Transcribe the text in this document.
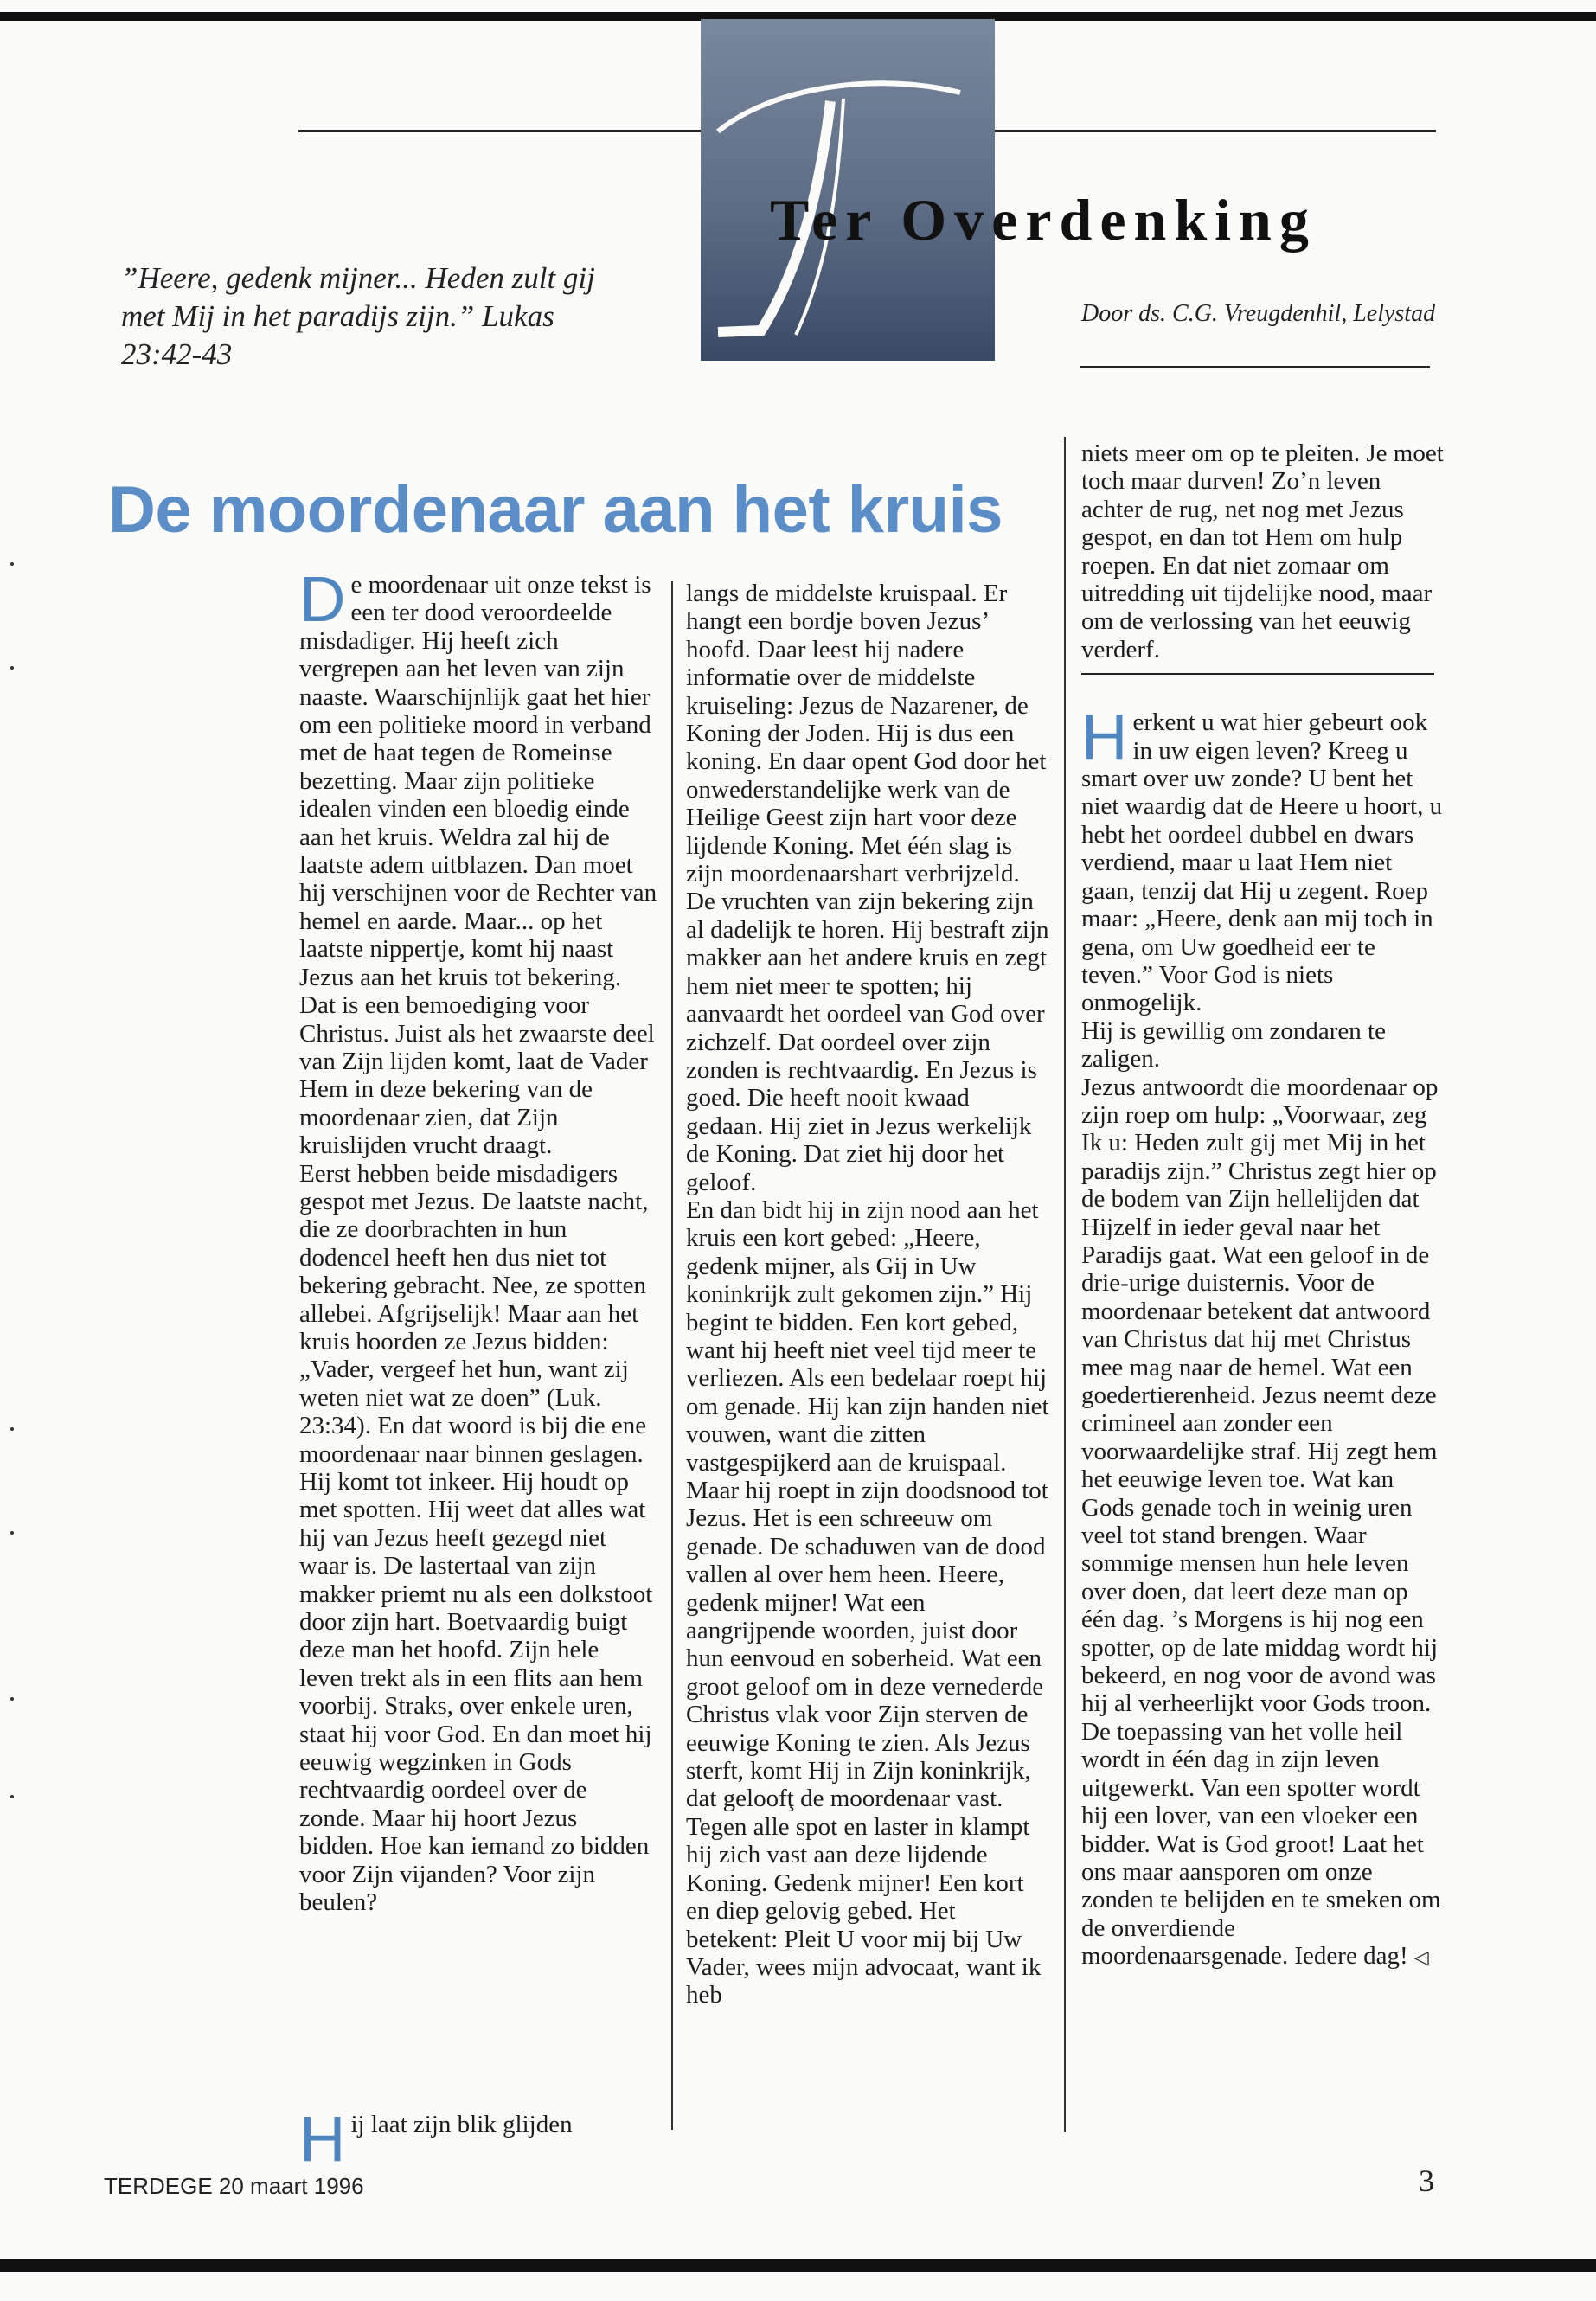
Ter Overdenking
”Heere, gedenk mijner... Heden zult gij met Mij in het paradijs zijn.” Lukas 23:42-43
Door ds. C.G. Vreugdenhil, Lelystad
De moordenaar aan het kruis

De moordenaar uit onze tekst is een ter dood veroordeelde misdadiger. Hij heeft zich vergrepen aan het leven van zijn naaste. Waarschijnlijk gaat het hier om een politieke moord in verband met de haat tegen de Romeinse bezetting. Maar zijn politieke idealen vinden een bloedig einde aan het kruis. Weldra zal hij de laatste adem uitblazen. Dan moet hij verschijnen voor de Rechter van hemel en aarde. Maar... op het laatste nippertje, komt hij naast Jezus aan het kruis tot bekering. Dat is een bemoediging voor Christus. Juist als het zwaarste deel van Zijn lijden komt, laat de Vader Hem in deze bekering van de moordenaar zien, dat Zijn kruislijden vrucht draagt.

Eerst hebben beide misdadigers gespot met Jezus. De laatste nacht, die ze doorbrachten in hun dodencel heeft hen dus niet tot bekering gebracht. Nee, ze spotten allebei. Afgrijselijk! Maar aan het kruis hoorden ze Jezus bidden: „Vader, vergeef het hun, want zij weten niet wat ze doen” (Luk. 23:34). En dat woord is bij die ene moordenaar naar binnen geslagen. Hij komt tot inkeer. Hij houdt op met spotten. Hij weet dat alles wat hij van Jezus heeft gezegd niet waar is. De lastertaal van zijn makker priemt nu als een dolkstoot door zijn hart. Boetvaardig buigt deze man het hoofd. Zijn hele leven trekt als in een flits aan hem voorbij. Straks, over enkele uren, staat hij voor God. En dan moet hij eeuwig wegzinken in Gods rechtvaardig oordeel over de zonde. Maar hij hoort Jezus bidden. Hoe kan iemand zo bidden voor Zijn vijanden? Voor zijn beulen?

Hij laat zijn blik glijden

langs de middelste kruispaal. Er hangt een bordje boven Jezus’ hoofd. Daar leest hij nadere informatie over de middelste kruiseling: Jezus de Nazarener, de Koning der Joden. Hij is dus een koning. En daar opent God door het onwederstandelijke werk van de Heilige Geest zijn hart voor deze lijdende Koning. Met één slag is zijn moordenaarshart verbrijzeld.

De vruchten van zijn bekering zijn al dadelijk te horen. Hij bestraft zijn makker aan het andere kruis en zegt hem niet meer te spotten; hij aanvaardt het oordeel van God over zichzelf. Dat oordeel over zijn zonden is rechtvaardig. En Jezus is goed. Die heeft nooit kwaad gedaan. Hij ziet in Jezus werkelijk de Koning. Dat ziet hij door het geloof.

En dan bidt hij in zijn nood aan het kruis een kort gebed: „Heere, gedenk mijner, als Gij in Uw koninkrijk zult gekomen zijn.” Hij begint te bidden. Een kort gebed, want hij heeft niet veel tijd meer te verliezen. Als een bedelaar roept hij om genade. Hij kan zijn handen niet vouwen, want die zitten vastgespijkerd aan de kruispaal. Maar hij roept in zijn doodsnood tot Jezus. Het is een schreeuw om genade. De schaduwen van de dood vallen al over hem heen. Heere, gedenk mijner! Wat een aangrijpende woorden, juist door hun eenvoud en soberheid. Wat een groot geloof om in deze vernederde Christus vlak voor Zijn sterven de eeuwige Koning te zien. Als Jezus sterft, komt Hij in Zijn koninkrijk, dat geloofţ de moordenaar vast. Tegen alle spot en laster in klampt hij zich vast aan deze lijdende Koning. Gedenk mijner! Een kort en diep gelovig gebed. Het betekent: Pleit U voor mij bij Uw Vader, wees mijn advocaat, want ik heb

niets meer om op te pleiten. Je moet toch maar durven! Zo’n leven achter de rug, net nog met Jezus gespot, en dan tot Hem om hulp roepen. En dat niet zomaar om uitredding uit tijdelijke nood, maar om de verlossing van het eeuwig verderf.

Herkent u wat hier gebeurt ook in uw eigen leven? Kreeg u smart over uw zonde? U bent het niet waardig dat de Heere u hoort, u hebt het oordeel dubbel en dwars verdiend, maar u laat Hem niet gaan, tenzij dat Hij u zegent. Roep maar: „Heere, denk aan mij toch in gena, om Uw goedheid eer te teven.” Voor God is niets onmogelijk.

Hij is gewillig om zondaren te zaligen.

Jezus antwoordt die moordenaar op zijn roep om hulp: „Voorwaar, zeg Ik u: Heden zult gij met Mij in het paradijs zijn.” Christus zegt hier op de bodem van Zijn hellelijden dat Hijzelf in ieder geval naar het Paradijs gaat. Wat een geloof in de drie-urige duisternis. Voor de moordenaar betekent dat antwoord van Christus dat hij met Christus mee mag naar de hemel. Wat een goedertierenheid. Jezus neemt deze crimineel aan zonder een voorwaardelijke straf. Hij zegt hem het eeuwige leven toe. Wat kan Gods genade toch in weinig uren veel tot stand brengen. Waar sommige mensen hun hele leven over doen, dat leert deze man op één dag. ’s Morgens is hij nog een spotter, op de late middag wordt hij bekeerd, en nog voor de avond was hij al verheerlijkt voor Gods troon. De toepassing van het volle heil wordt in één dag in zijn leven uitgewerkt. Van een spotter wordt hij een lover, van een vloeker een bidder. Wat is God groot! Laat het ons maar aansporen om onze zonden te belijden en te smeken om de onverdiende moordenaarsgenade. Iedere dag! ◁

TERDEGE 20 maart 1996	3
